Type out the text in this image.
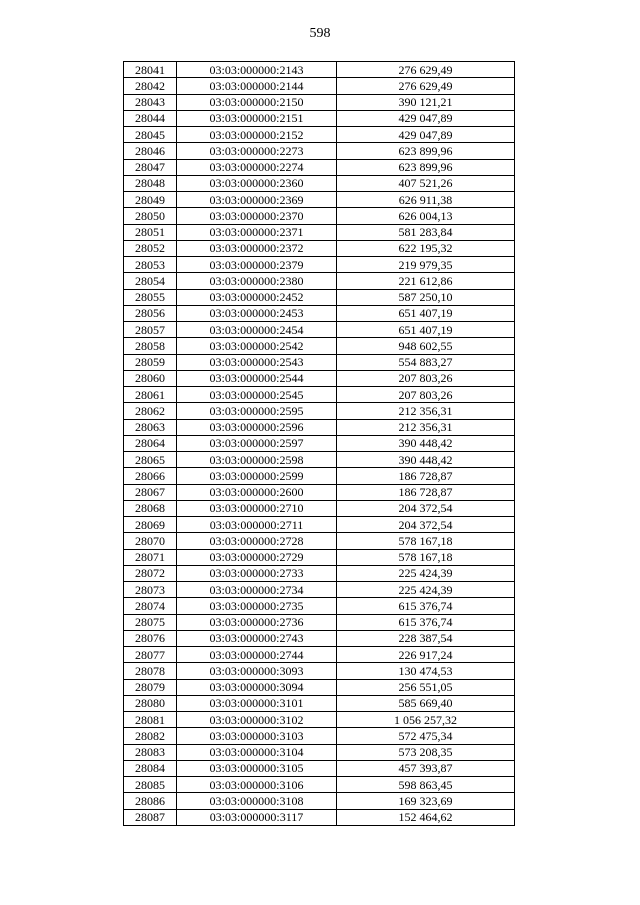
598
28041	03:03:000000:2143	276 629,49
28042	03:03:000000:2144	276 629,49
28043	03:03:000000:2150	390 121,21
28044	03:03:000000:2151	429 047,89
28045	03:03:000000:2152	429 047,89
28046	03:03:000000:2273	623 899,96
28047	03:03:000000:2274	623 899,96
28048	03:03:000000:2360	407 521,26
28049	03:03:000000:2369	626 911,38
28050	03:03:000000:2370	626 004,13
28051	03:03:000000:2371	581 283,84
28052	03:03:000000:2372	622 195,32
28053	03:03:000000:2379	219 979,35
28054	03:03:000000:2380	221 612,86
28055	03:03:000000:2452	587 250,10
28056	03:03:000000:2453	651 407,19
28057	03:03:000000:2454	651 407,19
28058	03:03:000000:2542	948 602,55
28059	03:03:000000:2543	554 883,27
28060	03:03:000000:2544	207 803,26
28061	03:03:000000:2545	207 803,26
28062	03:03:000000:2595	212 356,31
28063	03:03:000000:2596	212 356,31
28064	03:03:000000:2597	390 448,42
28065	03:03:000000:2598	390 448,42
28066	03:03:000000:2599	186 728,87
28067	03:03:000000:2600	186 728,87
28068	03:03:000000:2710	204 372,54
28069	03:03:000000:2711	204 372,54
28070	03:03:000000:2728	578 167,18
28071	03:03:000000:2729	578 167,18
28072	03:03:000000:2733	225 424,39
28073	03:03:000000:2734	225 424,39
28074	03:03:000000:2735	615 376,74
28075	03:03:000000:2736	615 376,74
28076	03:03:000000:2743	228 387,54
28077	03:03:000000:2744	226 917,24
28078	03:03:000000:3093	130 474,53
28079	03:03:000000:3094	256 551,05
28080	03:03:000000:3101	585 669,40
28081	03:03:000000:3102	1 056 257,32
28082	03:03:000000:3103	572 475,34
28083	03:03:000000:3104	573 208,35
28084	03:03:000000:3105	457 393,87
28085	03:03:000000:3106	598 863,45
28086	03:03:000000:3108	169 323,69
28087	03:03:000000:3117	152 464,62
